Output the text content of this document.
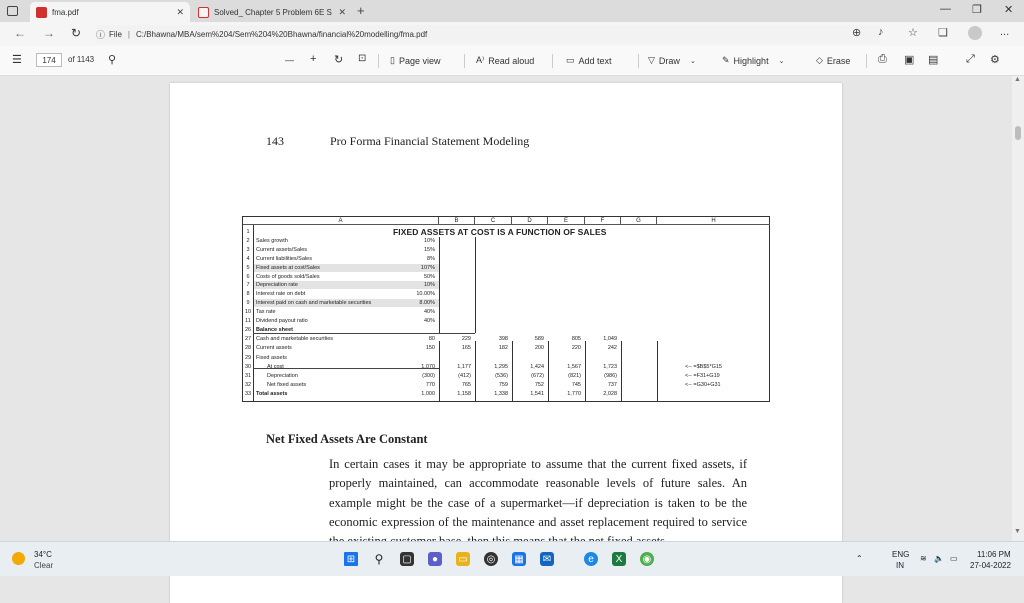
fma.pdf	✕	Solved_ Chapter 5 Problem 6E S ✕ +	— ❐ ✕
← → ↻ ⓘ File | C:/Bhawna/MBA/sem%204/Sem%204%20Bhawna/financial%20modelling/fma.pdf	⊕ ♪ ☆ ❏	...
☰	174	of 1143 ⚲	— + ↻ ⊡	▯ Page view	A⁾ Read aloud	▭ Add text	▽ Draw ⌄	✎ Highlight ⌄	◇ Erase	⎙ ▣ ▤	⤢ ⚙
143	Pro Forma Financial Statement Modeling
A	B	C	D	E	F	G	H
FIXED ASSETS AT COST IS A FUNCTION OF SALES
1
2	Sales growth	10%
3	Current assets/Sales	15%
4	Current liabilities/Sales	8%
5	Fixed assets at cost/Sales	107%
6	Costs of goods sold/Sales	50%
7	Depreciation rate	10%
8	Interest rate on debt	10.00%
9	Interest paid on cash and marketable securities	8.00%
10 Tax rate	40%
11 Dividend payout ratio	40%
26 Balance sheet
27 Cash and marketable securities	80	229	398	589	805	1,049
28 Current assets	150	165	182	200	220	242
29 Fixed assets
30	At cost	1,070	1,177	1,295	1,424	1,567	1,723	<-- =$B$5*G15
31	Depreciation	(300)	(412)	(536)	(672)	(821)	(986)	<-- =F31+G19
32	Net fixed assets	770	765	759	752	745	737	<-- =G30+G31
33 Total assets	1,000	1,158	1,338	1,541	1,770	2,028
Net Fixed Assets Are Constant
In certain cases it may be appropriate to assume that the current fixed assets, if properly maintained, can accommodate reasonable levels of future sales. An example might be the case of a supermarket—if depreciation is taken to be the economic expression of the maintenance and asset replacement required to service
▲
▼
34°C
Clear
⊞ ⚲ ▢	●	▭ ◎ ▦ ✉	e	X	◉	⌃	ENG
IN
≋ 🔈 ▭ 11:06 PM
27-04-2022
